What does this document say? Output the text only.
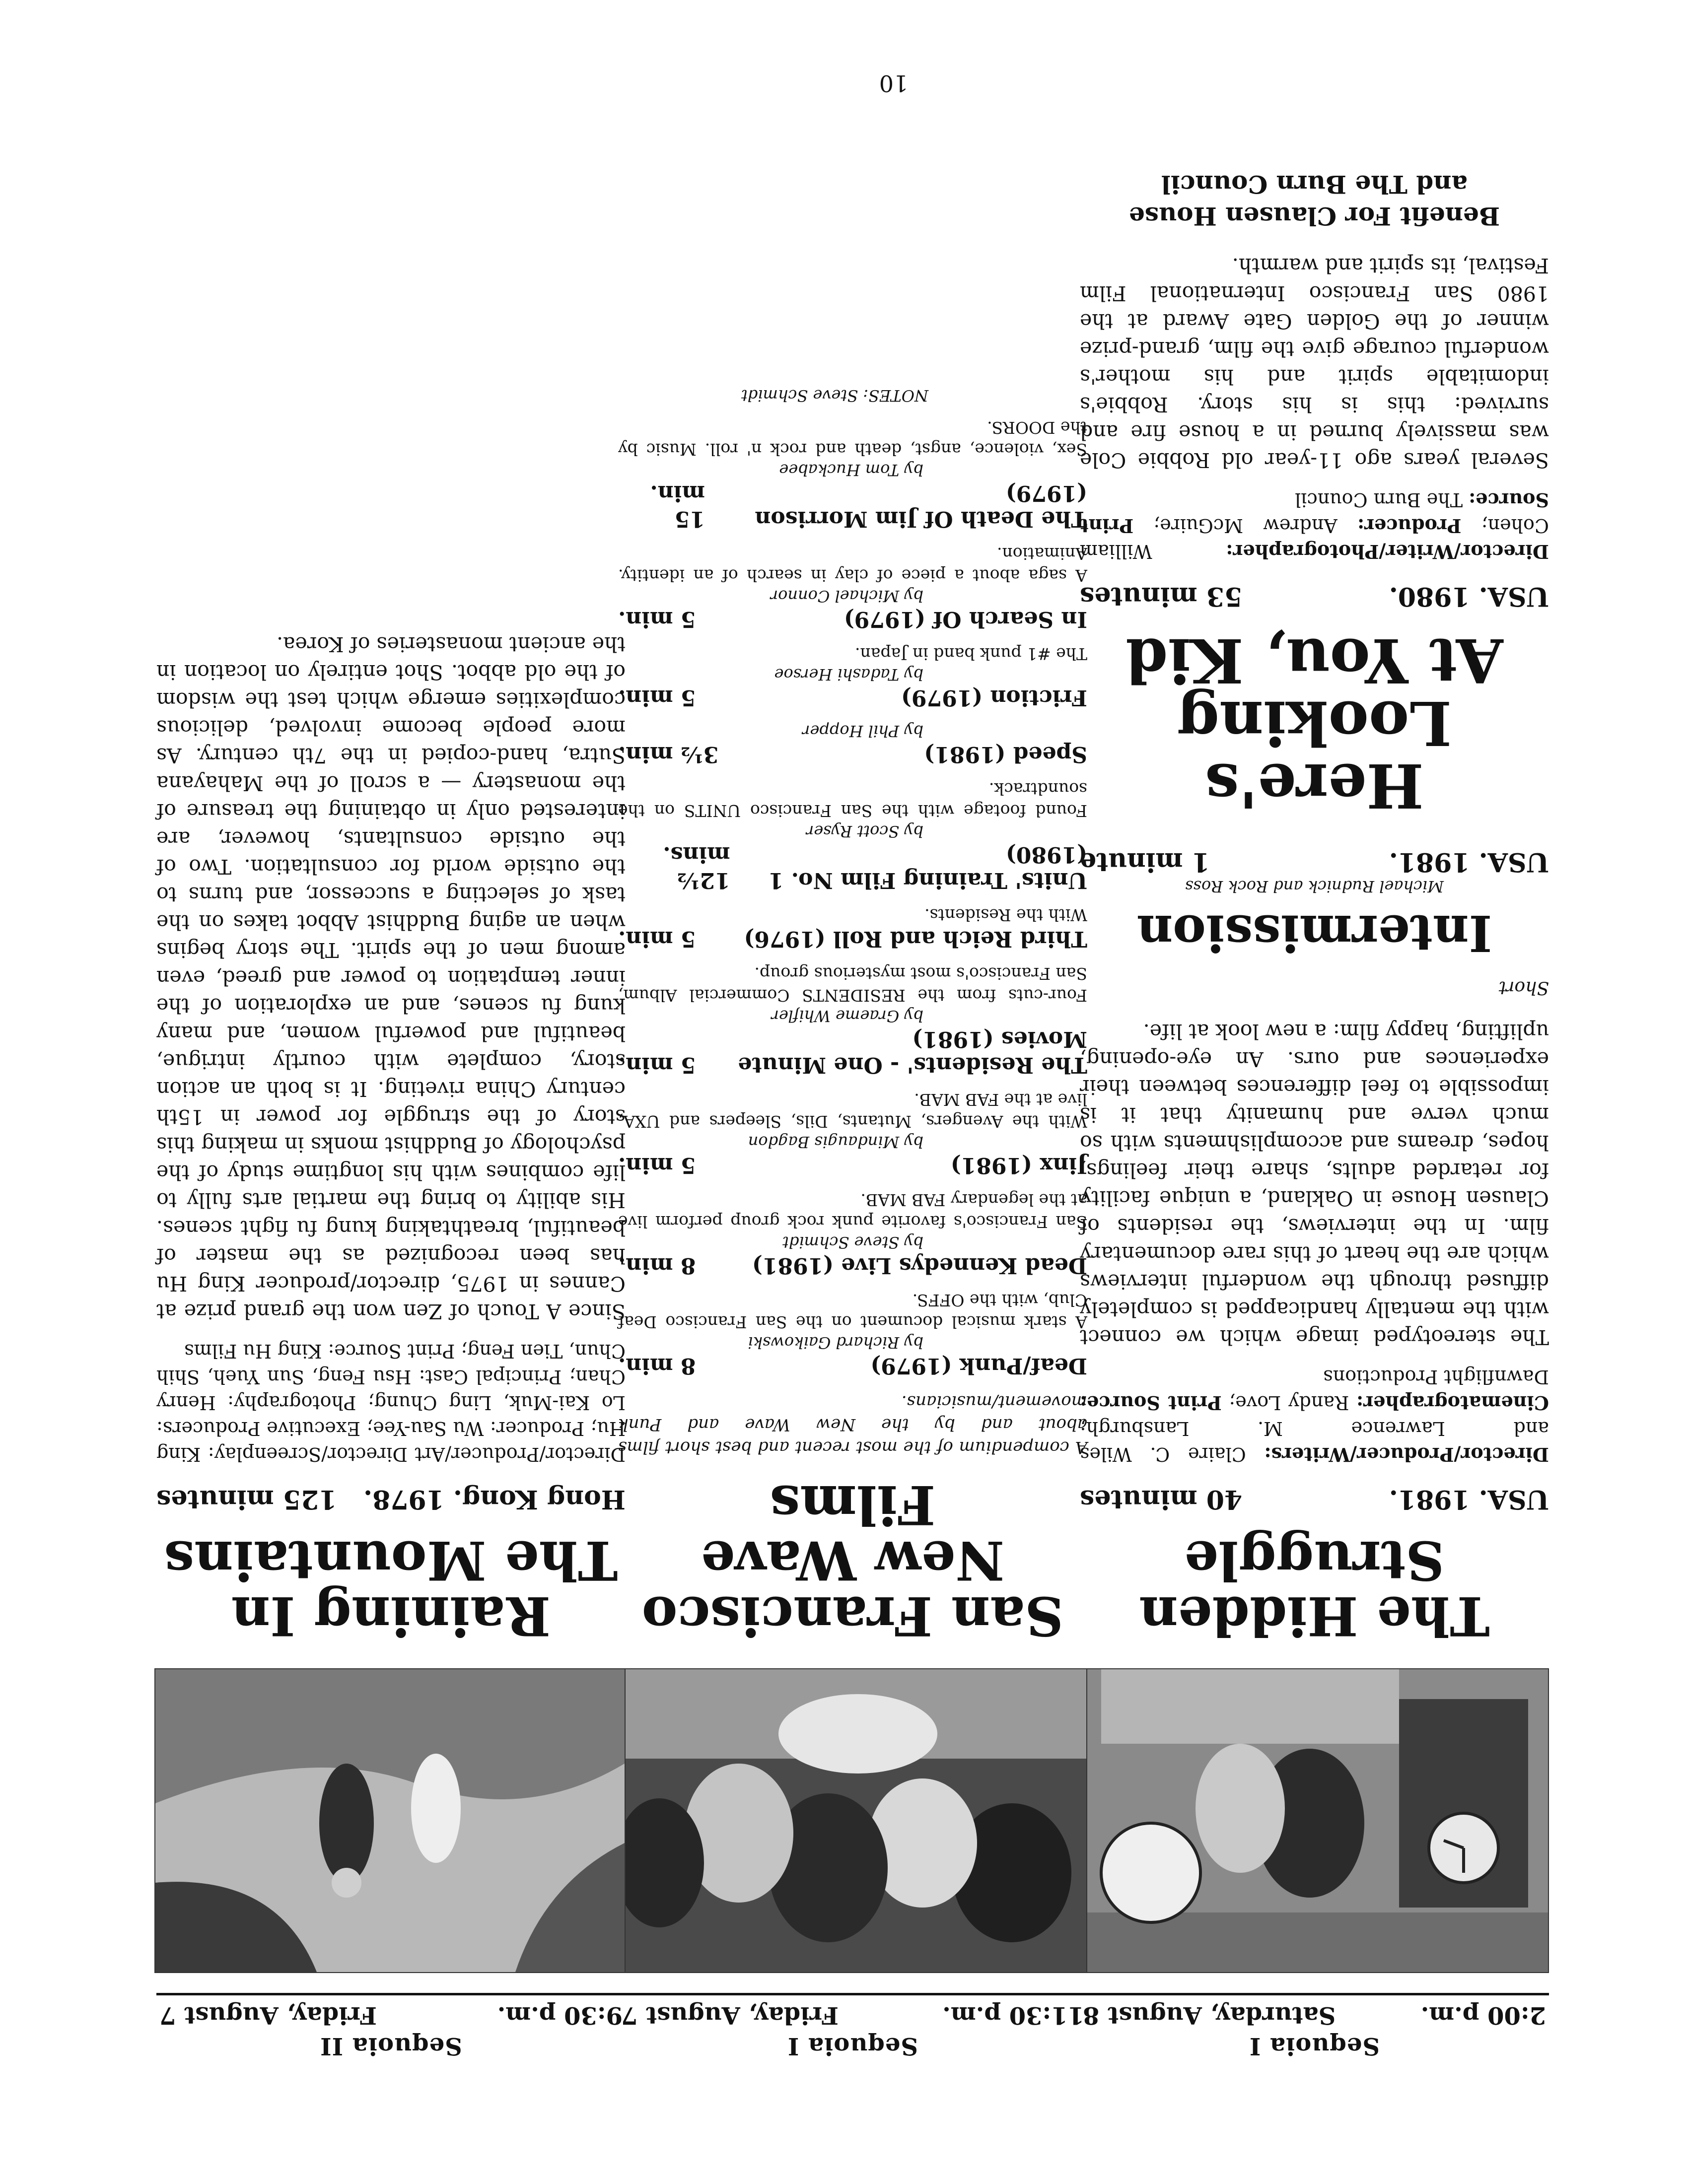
Sequoia I
2:00 p.m.
Saturday, August 8
The Hidden
Struggle
USA. 1981.
40 minutes
Director/Producer/Writers: Claire C. Wiles and Lawrence M. Lansburgh; Cinematographer: Randy Love; Print Source: Dawnflight Productions

The stereotyped image which we connect with the mentally handicapped is completely diffused through the wonderful interviews which are the heart of this rare documentary film. In the interviews, the residents of Clausen House in Oakland, a unique facility for retarded adults, share their feelings, hopes, dreams and accomplishments with so much verve and humanity that it is impossible to feel differences between their experiences and ours. An eye-opening, uplifting, happy film: a new look at life.

Short
Intermission
Michael Rudnick and Rock Ross
USA. 1981.
1 minute
Here's Looking
At You, Kid
USA. 1980.
53 minutes
Director/Writer/Photographer: William Cohen; Producer: Andrew McGuire; Print Source: The Burn Council

Several years ago 11-year old Robbie Cole was massively burned in a house fire and survived: this is his story. Robbie's indomitable spirit and his mother's wonderful courage give the film, grand-prize winner of the Golden Gate Award at the 1980 San Francisco International Film Festival, its spirit and warmth.

Benefit For Clausen House
and The Burn Council
Sequoia I
11:30 p.m.
Friday, August 7
San Francisco
New Wave Films
A compendium of the most recent and best short films about and by the New Wave and Punk movement/musicians.
Deaf/Punk (1979)
8 min.
by Richard Gaikowski
A stark musical document on the San Francisco Deaf Club, with the OFFS.
Dead Kennedys Live (1981)
8 min.
by Steve Schmidt
San Francisco's favorite punk rock group perform live at the legendary FAB MAB.
Jinx (1981)
5 min.
by Mindaugis Bagdon
With the Avengers, Mutants, Dils, Sleepers and UXA, live at the FAB MAB.
The Residents' - One Minute Movies (1981)
5 min.
by Graeme Whifler
Four-cuts from the RESIDENTS Commercial Album, San Francisco's most mysterious group.
Third Reich and Roll (1976)
5 min.
With the Residents.
Units' Training Film No. 1 (1980)
12½ mins.
by Scott Ryser
Found footage with the San Francisco UNITS on the soundtrack.
Speed (1981)
3½ min.
by Phil Hopper
Friction (1979)
5 min.
by Tadashi Hersoe
The #1 punk band in Japan.
In Search Of (1979)
5 min.
by Michael Connor
A saga about a piece of clay in search of an identity. Animation.
The Death Of Jim Morrison (1979)
15 min.
by Tom Huckabee
Sex, violence, angst, death and rock n' roll. Music by the DOORS.
NOTES: Steve Schmidt
Sequoia II
9:30 p.m.
Friday, August 7
Raining In
The Mountains
Hong Kong. 1978.
125 minutes
Director/Producer/Art Director/Screenplay: King Hu; Producer: Wu Sau-Yee; Executive Producers: Lo Kai-Muk, Ling Chung; Photography: Henry Chan; Principal Cast: Hsu Feng, Sun Yueh, Shih Chun, Tien Feng; Print Source: King Hu Films

Since A Touch of Zen won the grand prize at Cannes in 1975, director/producer King Hu has been recognized as the master of beautiful, breathtaking kung fu fight scenes. His ability to bring the martial arts fully to life combines with his longtime study of the psychology of Buddhist monks in making this story of the struggle for power in 15th century China riveting. It is both an action story, complete with courtly intrigue, beautiful and powerful women, and many kung fu scenes, and an exploration of the inner temptation to power and greed, even among men of the spirit. The story begins when an aging Buddhist Abbot takes on the task of selecting a successor, and turns to the outside world for consultation. Two of the outside consultants, however, are interested only in obtaining the treasure of the monastery — a scroll of the Mahayana Sutra, hand-copied in the 7th century. As more people become involved, delicious complexities emerge which test the wisdom of the old abbot. Shot entirely on location in the ancient monasteries of Korea.

10
